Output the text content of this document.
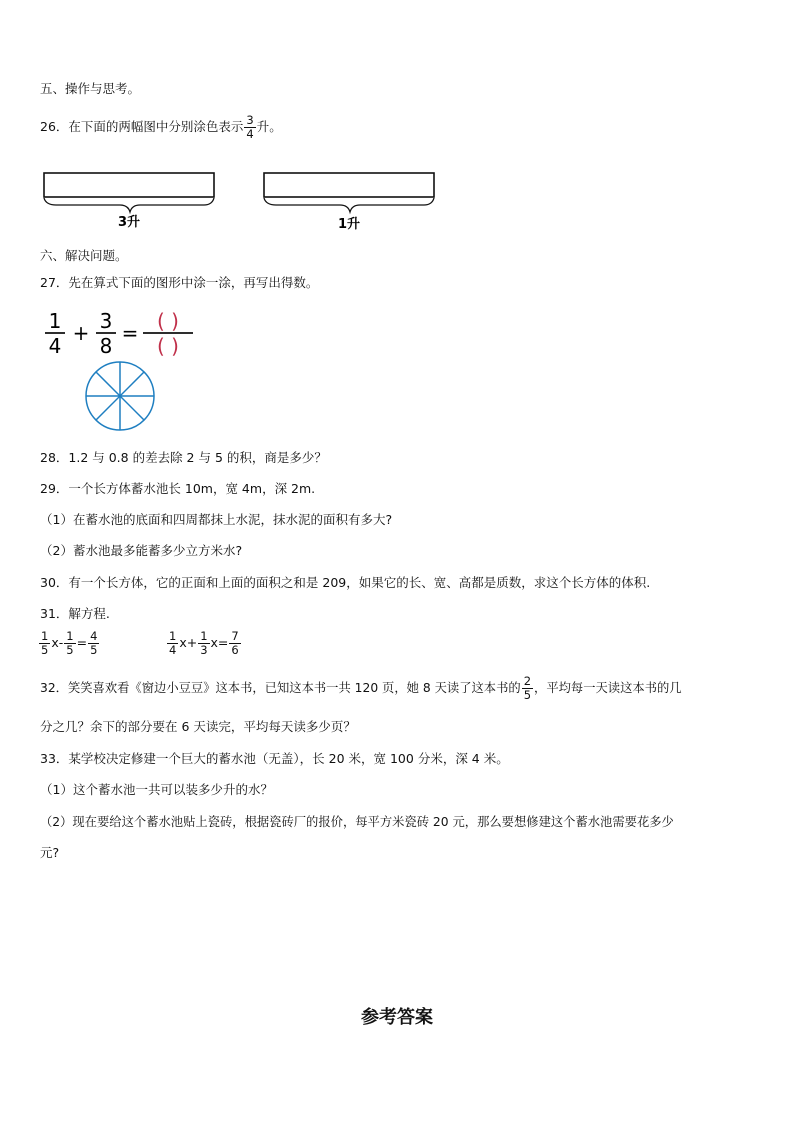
五、操作与思考。
26．在下面的两幅图中分别涂色表示 $\frac{3}{4}$ 升。
3升	1升
六、解决问题。
27．先在算式下面的图形中涂一涂，再写出得数。
1
4
+ 3
8
= ( )
( )
28．1.2 与 0.8 的差去除 2 与 5 的积，商是多少？
29．一个长方体蓄水池长 10m，宽 4m，深 2m.
（1）在蓄水池的底面和四周都抹上水泥，抹水泥的面积有多大?
（2）蓄水池最多能蓄多少立方米水?
30．有一个长方体，它的正面和上面的面积之和是 209，如果它的长、宽、高都是质数，求这个长方体的体积.
31．解方程.
$\frac{1}{5} x- \frac{1}{5} = \frac{4}{5}$	$\frac{1}{4} x+ \frac{1}{3} x= \frac{7}{6}$
32．笑笑喜欢看《窗边小豆豆》这本书，已知这本书一共 120 页，她 8 天读了这本书的 $\frac{2}{5}$ ，平均每一天读这本书的几
分之几？余下的部分要在 6 天读完，平均每天读多少页？
33．某学校决定修建一个巨大的蓄水池（无盖），长 20 米，宽 100 分米，深 4 米。
（1）这个蓄水池一共可以装多少升的水？
（2）现在要给这个蓄水池贴上瓷砖，根据瓷砖厂的报价，每平方米瓷砖 20 元，那么要想修建这个蓄水池需要花多少
元?
参考答案
